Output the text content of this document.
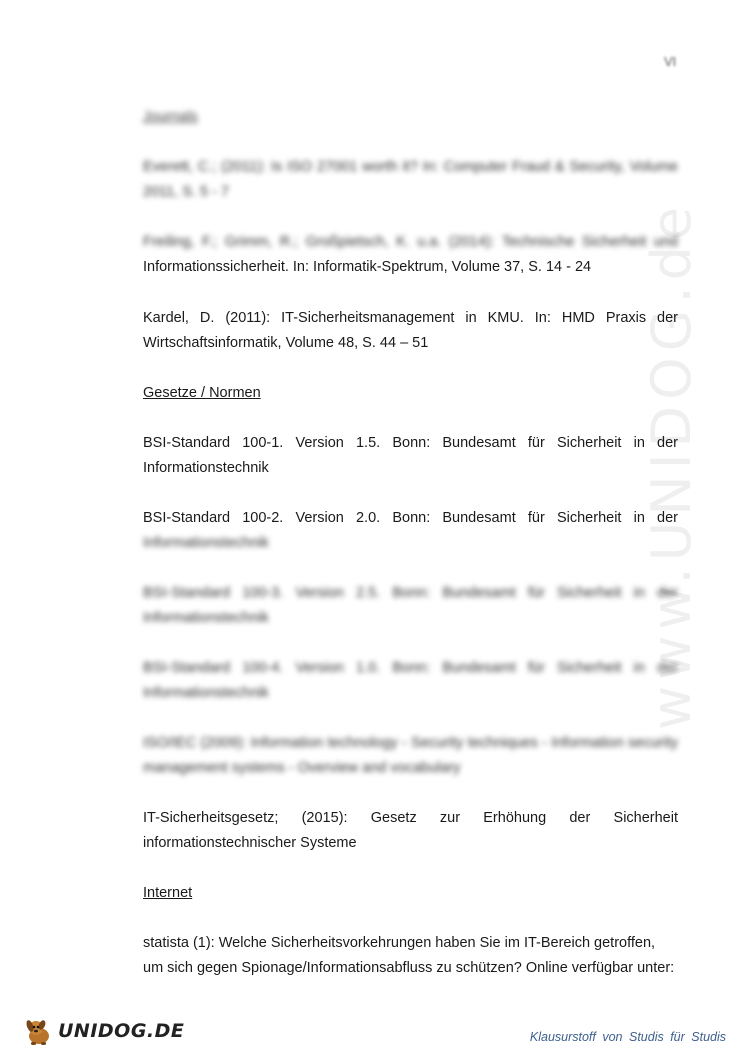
VI
www.UNIDOG.de
Journals
Everett, C.; (2011): Is ISO 27001 worth it? In: Computer Fraud & Security, Volume
2011, S. 5 - 7
Freiling, F.; Grimm, R.; Großpietsch, K. u.a. (2014): Technische Sicherheit und
Informationssicherheit. In: Informatik-Spektrum, Volume 37, S. 14 - 24
Kardel, D. (2011): IT-Sicherheitsmanagement in KMU. In: HMD Praxis der
Wirtschaftsinformatik, Volume 48, S. 44 – 51
Gesetze / Normen
BSI-Standard 100-1. Version 1.5. Bonn: Bundesamt für Sicherheit in der
Informationstechnik
BSI-Standard 100-2. Version 2.0. Bonn: Bundesamt für Sicherheit in der
Informationstechnik
BSI-Standard 100-3. Version 2.5. Bonn: Bundesamt für Sicherheit in der
Informationstechnik
BSI-Standard 100-4. Version 1.0. Bonn: Bundesamt für Sicherheit in der
Informationstechnik
ISO/IEC (2009): Information technology - Security techniques - Information security
management systems - Overview and vocabulary
IT-Sicherheitsgesetz; (2015): Gesetz zur Erhöhung der Sicherheit
informationstechnischer Systeme
Internet
statista (1): Welche Sicherheitsvorkehrungen haben Sie im IT-Bereich getroffen,
um sich gegen Spionage/Informationsabfluss zu schützen? Online verfügbar unter:
UNIDOG.DE	Klausurstoff von Studis für Studis
